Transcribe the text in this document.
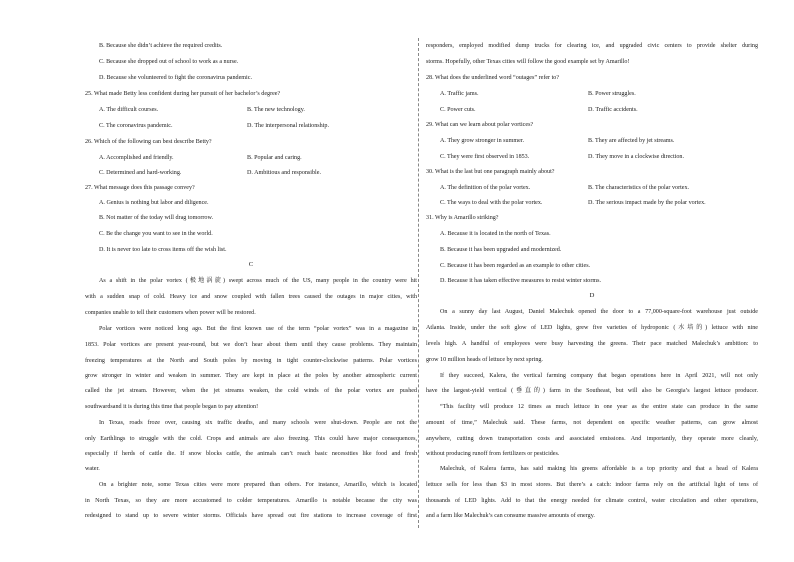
B. Because she didn’t achieve the required credits.
C. Because she dropped out of school to work as a nurse.
D. Because she volunteered to fight the coronavirus pandemic.
25. What made Betty less confident during her pursuit of her bachelor’s degree?
A. The difficult courses.	B. The new technology.
C. The coronavirus pandemic.	D. The interpersonal relationship.
26. Which of the following can best describe Betty?
A. Accomplished and friendly.	B. Popular and caring.
C. Determined and hard-working.	D. Ambitious and responsible.
27. What message does this passage convey?
A. Genius is nothing but labor and diligence.
B. Not matter of the today will drag tomorrow.
C. Be the change you want to see in the world.
D. It is never too late to cross items off the wish list.
C
As a shift in the polar vortex (极地涡旋) swept across much of the US, many people in the country were hit
with a sudden snap of cold. Heavy ice and snow coupled with fallen trees caused the outages in major cities, with
companies unable to tell their customers when power will be restored.
Polar vortices were noticed long ago. But the first known use of the term “polar vortex” was in a magazine in
1853. Polar vortices are present year-round, but we don’t hear about them until they cause problems. They maintain
freezing temperatures at the North and South poles by moving in tight counter-clockwise patterns. Polar vortices
grow stronger in winter and weaken in summer. They are kept in place at the poles by another atmospheric current
called the jet stream. However, when the jet streams weaken, the cold winds of the polar vortex are pushed
southwardsand it is during this time that people began to pay attention!
In Texas, roads froze over, causing six traffic deaths, and many schools were shut-down. People are not the
only Earthlings to struggle with the cold. Crops and animals are also freezing. This could have major consequences,
especially if herds of cattle die. If snow blocks cattle, the animals can’t reach basic necessities like food and fresh
water.
On a brighter note, some Texas cities were more prepared than others. For instance, Amarillo, which is located
in North Texas, so they are more accustomed to colder temperatures. Amarillo is notable because the city was
redesigned to stand up to severe winter storms. Officials have spread out fire stations to increase coverage of first
responders, employed modified dump trucks for clearing ice, and upgraded civic centers to provide shelter during
storms. Hopefully, other Texas cities will follow the good example set by Amarillo!
28. What does the underlined word “outages” refer to?
A. Traffic jams.	B. Power struggles.
C. Power cuts.	D. Traffic accidents.
29. What can we learn about polar vortices?
A. They grow stronger in summer.	B. They are affected by jet streams.
C. They were first observed in 1853.	D. They move in a clockwise direction.
30. What is the last but one paragraph mainly about?
A. The definition of the polar vortex.	B. The characteristics of the polar vortex.
C. The ways to deal with the polar vortex.	D. The serious impact made by the polar vortex.
31. Why is Amarillo striking?
A. Because it is located in the north of Texas.
B. Because it has been upgraded and modernized.
C. Because it has been regarded as an example to other cities.
D. Because it has taken effective measures to resist winter storms.
D
On a sunny day last August, Daniel Malechuk opened the door to a 77,000-square-foot warehouse just outside
Atlanta. Inside, under the soft glow of LED lights, grew five varieties of hydroponic (水培的) lettuce with nine
levels high. A handful of employees were busy harvesting the greens. Their pace matched Malechuk’s ambition: to
grow 10 million heads of lettuce by next spring.
If they succeed, Kalera, the vertical farming company that began operations here in April 2021, will not only
have the largest-yield vertical (垂直的) farm in the Southeast, but will also be Georgia’s largest lettuce producer.
“This facility will produce 12 times as much lettuce in one year as the entire state can produce in the same
amount of time,” Malechuk said. These farms, not dependent on specific weather patterns, can grow almost
anywhere, cutting down transportation costs and associated emissions. And importantly, they operate more cleanly,
without producing runoff from fertilizers or pesticides.
Malechuk, of Kalera farms, has said making his greens affordable is a top priority and that a head of Kalera
lettuce sells for less than $3 in most stores. But there’s a catch: indoor farms rely on the artificial light of tens of
thousands of LED lights. Add to that the energy needed for climate control, water circulation and other operations,
and a farm like Malechuk’s can consume massive amounts of energy.
